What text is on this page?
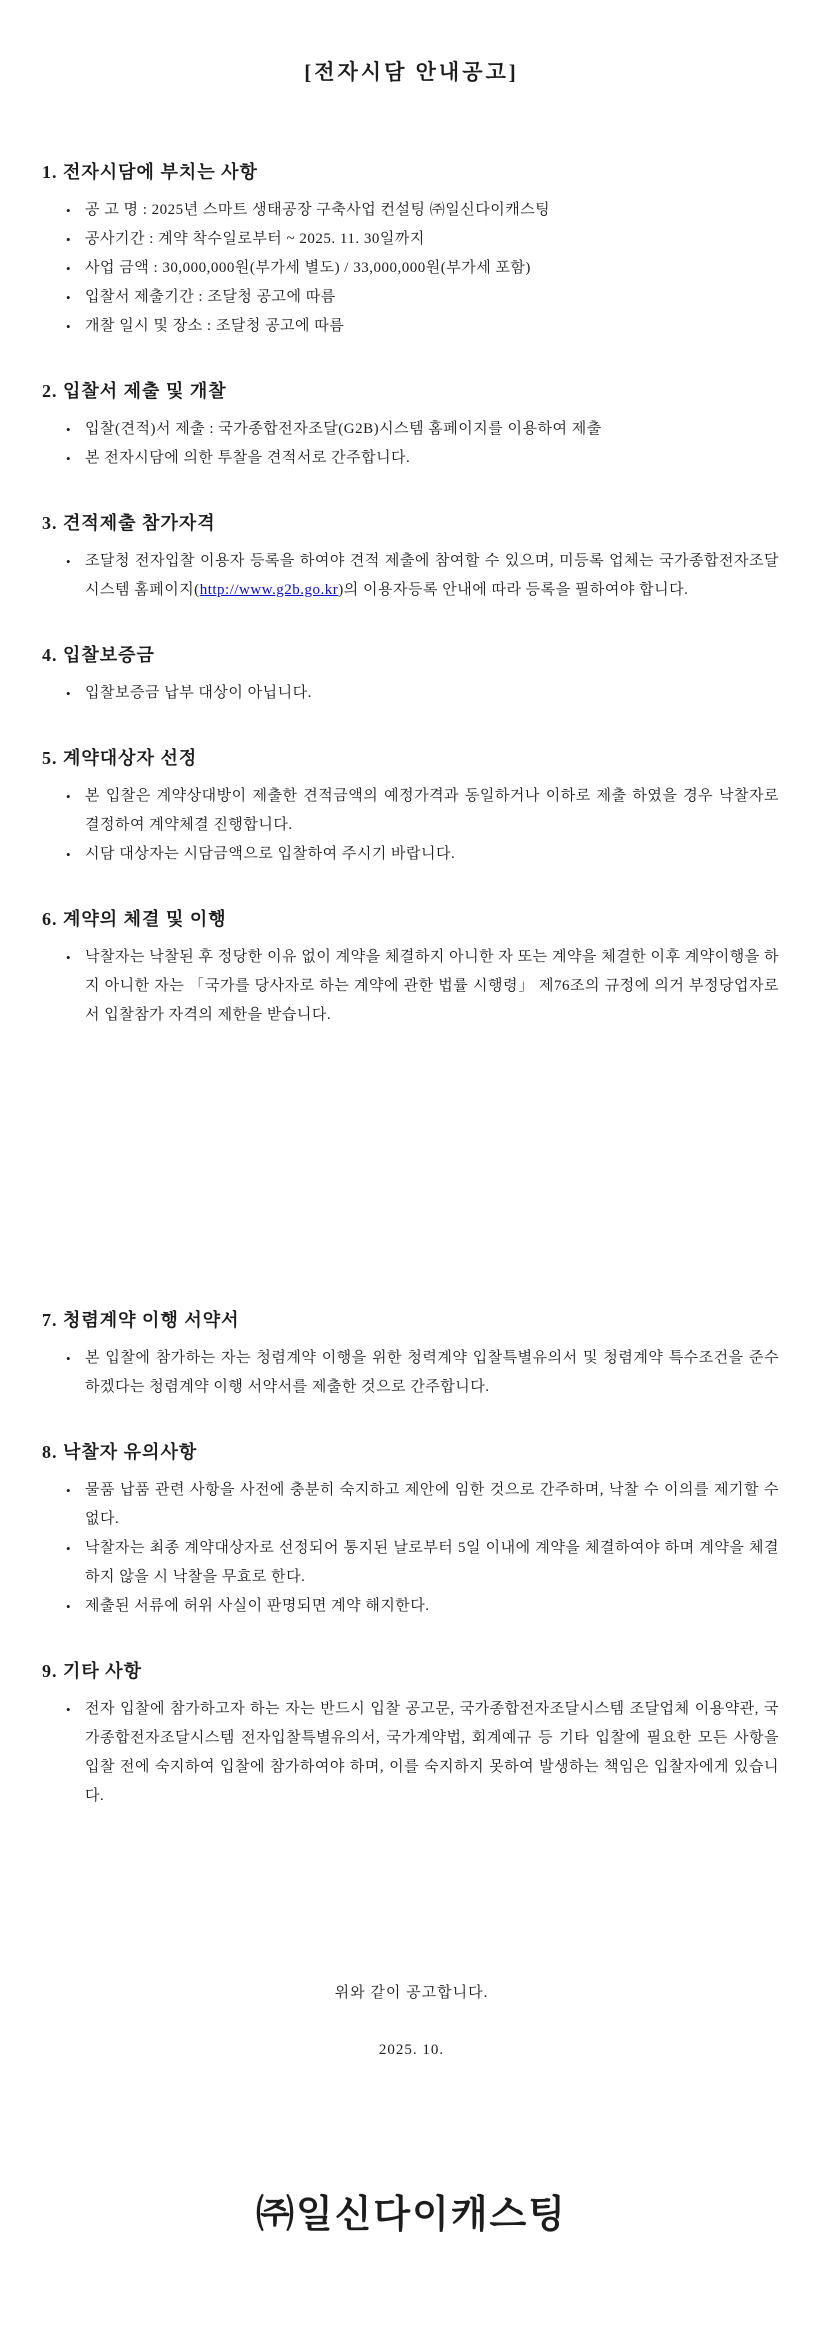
[전자시담 안내공고]
1. 전자시담에 부치는 사항
• 공 고 명 : 2025년 스마트 생태공장 구축사업 컨설팅 ㈜일신다이캐스팅
• 공사기간 : 계약 착수일로부터 ~ 2025. 11. 30일까지
• 사업 금액 : 30,000,000원(부가세 별도) / 33,000,000원(부가세 포함)
• 입찰서 제출기간 : 조달청 공고에 따름
• 개찰 일시 및 장소 : 조달청 공고에 따름
2. 입찰서 제출 및 개찰
• 입찰(견적)서 제출 : 국가종합전자조달(G2B)시스템 홈페이지를 이용하여 제출
• 본 전자시담에 의한 투찰을 견적서로 간주합니다.
3. 견적제출 참가자격
• 조달청 전자입찰 이용자 등록을 하여야 견적 제출에 참여할 수 있으며, 미등록 업체는 국가종합전자조달시스템 홈페이지(http://www.g2b.go.kr)의 이용자등록 안내에 따라 등록을 필하여야 합니다.
4. 입찰보증금
• 입찰보증금 납부 대상이 아닙니다.
5. 계약대상자 선정
• 본 입찰은 계약상대방이 제출한 견적금액의 예정가격과 동일하거나 이하로 제출 하였을 경우 낙찰자로 결정하여 계약체결 진행합니다.
• 시담 대상자는 시담금액으로 입찰하여 주시기 바랍니다.
6. 계약의 체결 및 이행
• 낙찰자는 낙찰된 후 정당한 이유 없이 계약을 체결하지 아니한 자 또는 계약을 체결한 이후 계약이행을 하지 아니한 자는 「국가를 당사자로 하는 계약에 관한 법률 시행령」 제76조의 규정에 의거 부정당업자로서 입찰참가 자격의 제한을 받습니다.
7. 청렴계약 이행 서약서
• 본 입찰에 참가하는 자는 청렴계약 이행을 위한 청력계약 입찰특별유의서 및 청렴계약 특수조건을 준수하겠다는 청렴계약 이행 서약서를 제출한 것으로 간주합니다.
8. 낙찰자 유의사항
• 물품 납품 관련 사항을 사전에 충분히 숙지하고 제안에 임한 것으로 간주하며, 낙찰 수 이의를 제기할 수 없다.
• 낙찰자는 최종 계약대상자로 선정되어 통지된 날로부터 5일 이내에 계약을 체결하여야 하며 계약을 체결하지 않을 시 낙찰을 무효로 한다.
• 제출된 서류에 허위 사실이 판명되면 계약 해지한다.
9. 기타 사항
• 전자 입찰에 참가하고자 하는 자는 반드시 입찰 공고문, 국가종합전자조달시스템 조달업체 이용약관, 국가종합전자조달시스템 전자입찰특별유의서, 국가계약법, 회계예규 등 기타 입찰에 필요한 모든 사항을 입찰 전에 숙지하여 입찰에 참가하여야 하며, 이를 숙지하지 못하여 발생하는 책임은 입찰자에게 있습니다.
위와 같이 공고합니다.
2025. 10.
㈜일신다이캐스팅
